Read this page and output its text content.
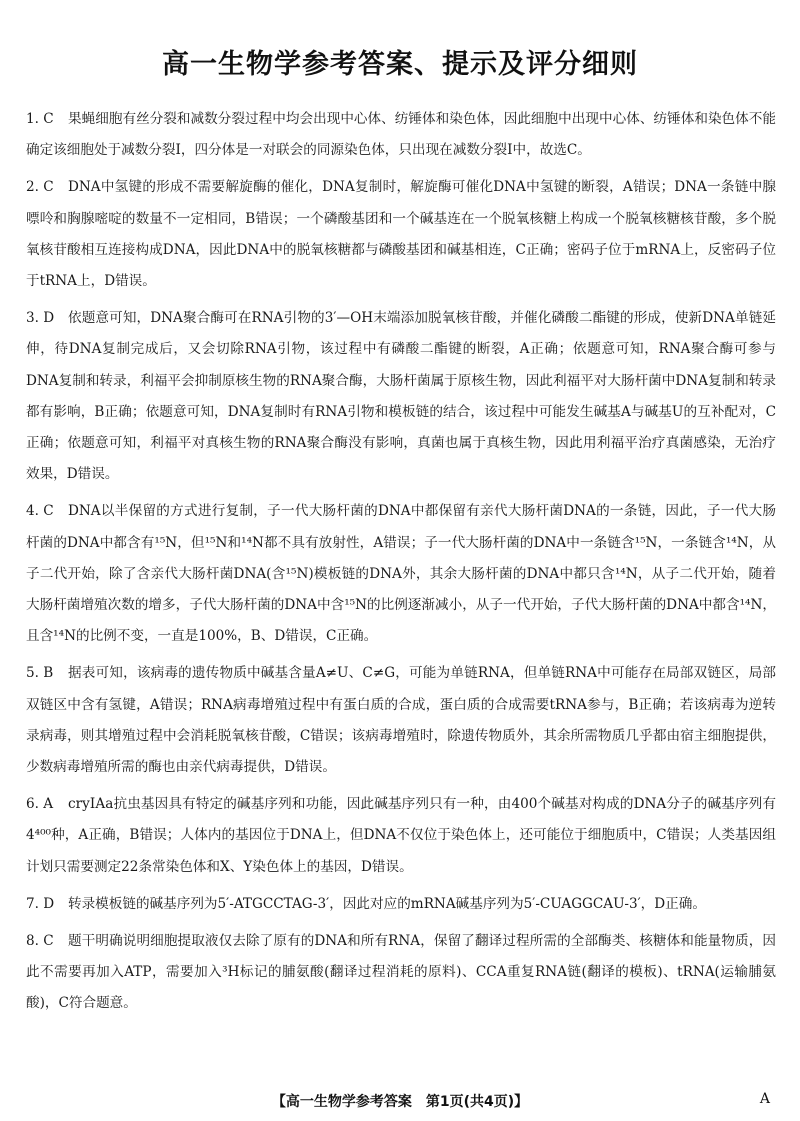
高一生物学参考答案、提示及评分细则
1. C	果蝇细胞有丝分裂和减数分裂过程中均会出现中心体、纺锤体和染色体，因此细胞中出现中心体、纺锤体和染色体不能确定该细胞处于减数分裂Ⅰ，四分体是一对联会的同源染色体，只出现在减数分裂Ⅰ中，故选C。
2. C	DNA中氢键的形成不需要解旋酶的催化，DNA复制时，解旋酶可催化DNA中氢键的断裂，A错误；DNA一条链中腺嘌呤和胸腺嘧啶的数量不一定相同，B错误；一个磷酸基团和一个碱基连在一个脱氧核糖上构成一个脱氧核糖核苷酸，多个脱氧核苷酸相互连接构成DNA，因此DNA中的脱氧核糖都与磷酸基团和碱基相连，C正确；密码子位于mRNA上，反密码子位于tRNA上，D错误。
3. D	依题意可知，DNA聚合酶可在RNA引物的3′—OH末端添加脱氧核苷酸，并催化磷酸二酯键的形成，使新DNA单链延伸，待DNA复制完成后，又会切除RNA引物，该过程中有磷酸二酯键的断裂，A正确；依题意可知，RNA聚合酶可参与DNA复制和转录，利福平会抑制原核生物的RNA聚合酶，大肠杆菌属于原核生物，因此利福平对大肠杆菌中DNA复制和转录都有影响，B正确；依题意可知，DNA复制时有RNA引物和模板链的结合，该过程中可能发生碱基A与碱基U的互补配对，C正确；依题意可知，利福平对真核生物的RNA聚合酶没有影响，真菌也属于真核生物，因此用利福平治疗真菌感染，无治疗效果，D错误。
4. C	DNA以半保留的方式进行复制，子一代大肠杆菌的DNA中都保留有亲代大肠杆菌DNA的一条链，因此，子一代大肠杆菌的DNA中都含有¹⁵N，但¹⁵N和¹⁴N都不具有放射性，A错误；子一代大肠杆菌的DNA中一条链含¹⁵N，一条链含¹⁴N，从子二代开始，除了含亲代大肠杆菌DNA(含¹⁵N)模板链的DNA外，其余大肠杆菌的DNA中都只含¹⁴N，从子二代开始，随着大肠杆菌增殖次数的增多，子代大肠杆菌的DNA中含¹⁵N的比例逐渐减小，从子一代开始，子代大肠杆菌的DNA中都含¹⁴N，且含¹⁴N的比例不变，一直是100%，B、D错误，C正确。
5. B	据表可知，该病毒的遗传物质中碱基含量A≠U、C≠G，可能为单链RNA，但单链RNA中可能存在局部双链区，局部双链区中含有氢键，A错误；RNA病毒增殖过程中有蛋白质的合成，蛋白质的合成需要tRNA参与，B正确；若该病毒为逆转录病毒，则其增殖过程中会消耗脱氧核苷酸，C错误；该病毒增殖时，除遗传物质外，其余所需物质几乎都由宿主细胞提供，少数病毒增殖所需的酶也由亲代病毒提供，D错误。
6. A	cryⅠAa抗虫基因具有特定的碱基序列和功能，因此碱基序列只有一种，由400个碱基对构成的DNA分子的碱基序列有4⁴⁰⁰种，A正确，B错误；人体内的基因位于DNA上，但DNA不仅位于染色体上，还可能位于细胞质中，C错误；人类基因组计划只需要测定22条常染色体和X、Y染色体上的基因，D错误。
7. D	转录模板链的碱基序列为5′-ATGCCTAG-3′，因此对应的mRNA碱基序列为5′-CUAGGCAU-3′，D正确。
8. C	题干明确说明细胞提取液仅去除了原有的DNA和所有RNA，保留了翻译过程所需的全部酶类、核糖体和能量物质，因此不需要再加入ATP，需要加入³H标记的脯氨酸(翻译过程消耗的原料)、CCA重复RNA链(翻译的模板)、tRNA(运输脯氨酸)，C符合题意。
【高一生物学参考答案　第1页(共4页)】	A
